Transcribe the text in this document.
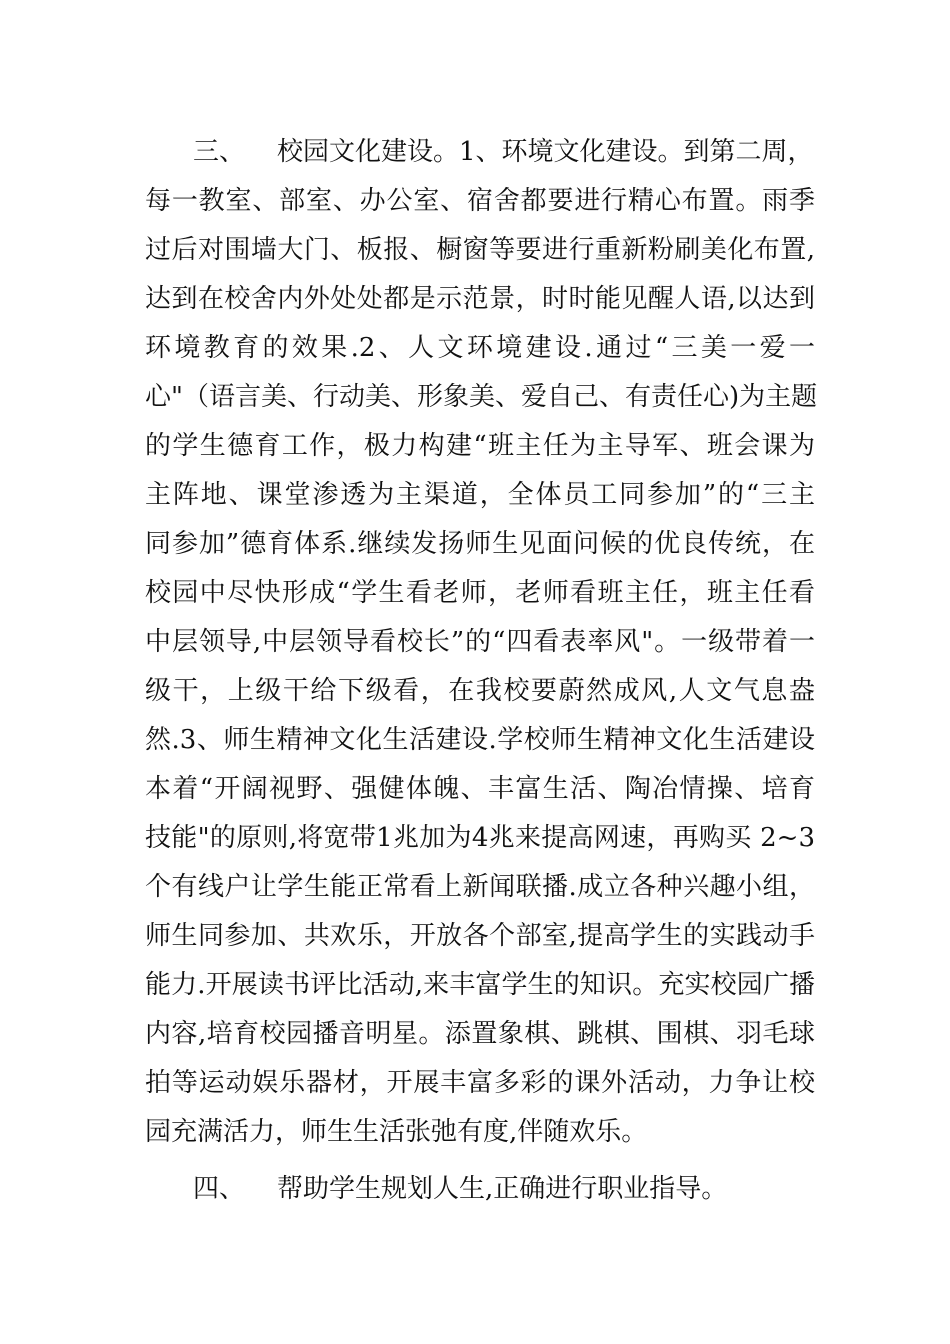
三、 校园文化建设。1、环境文化建设。到第二周，
每一教室、部室、办公室、宿舍都要进行精心布置。雨季
过后对围墙大门、板报、橱窗等要进行重新粉刷美化布置,
达到在校舍内外处处都是示范景，时时能见醒人语,以达到
环境教育的效果.2、人文环境建设.通过“三美一爱一
心"（语言美、行动美、形象美、爱自己、有责任心)为主题
的学生德育工作，极力构建“班主任为主导军、班会课为
主阵地、课堂渗透为主渠道，全体员工同参加”的“三主
同参加”德育体系.继续发扬师生见面问候的优良传统，在
校园中尽快形成“学生看老师，老师看班主任，班主任看
中层领导,中层领导看校长”的“四看表率风"。一级带着一
级干，上级干给下级看，在我校要蔚然成风,人文气息盎
然.3、师生精神文化生活建设.学校师生精神文化生活建设
本着“开阔视野、强健体魄、丰富生活、陶冶情操、培育
技能"的原则,将宽带1兆加为4兆来提高网速，再购买 2~3
个有线户让学生能正常看上新闻联播.成立各种兴趣小组，
师生同参加、共欢乐，开放各个部室,提高学生的实践动手
能力.开展读书评比活动,来丰富学生的知识。充实校园广播
内容,培育校园播音明星。添置象棋、跳棋、围棋、羽毛球
拍等运动娱乐器材，开展丰富多彩的课外活动，力争让校
园充满活力，师生生活张弛有度,伴随欢乐。
四、 帮助学生规划人生,正确进行职业指导。
